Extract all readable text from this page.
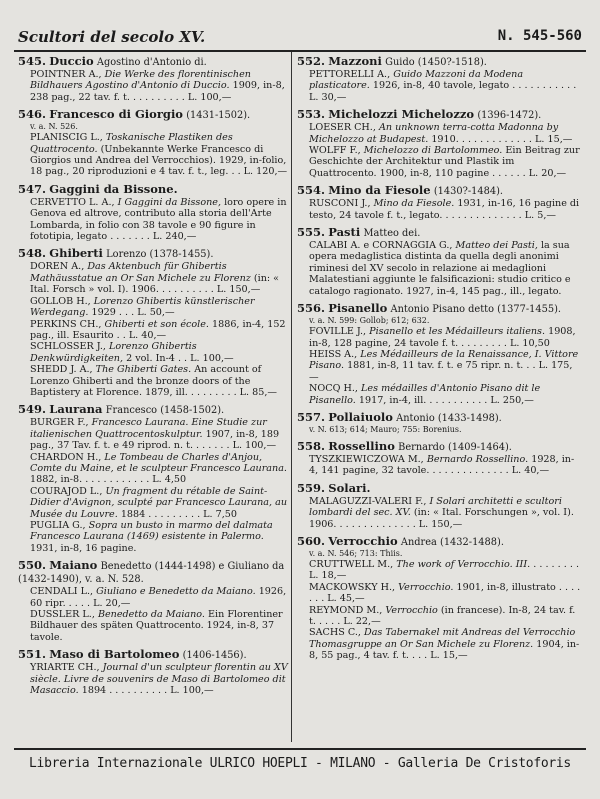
Scultori del secolo XV.	N. 545-560
545. Duccio Agostino d'Antonio di.

POINTNER A., Die Werke des florentinischen Bildhauers Agostino d'Antonio di Duccio. 1909, in-8, 238 pag., 22 tav. f. t. . . . . . . . . . L. 100,—

546. Francesco di Giorgio (1431-1502).
v. a. N. 526.

PLANISCIG L., Toskanische Plastiken des Quattrocento. (Unbekannte Werke Francesco di Giorgios und Andrea del Verrocchios). 1929, in-folio, 18 pag., 20 riproduzioni e 4 tav. f. t., leg. . . L. 120,—

547. Gaggini da Bissone.

CERVETTO L. A., I Gaggini da Bissone, loro opere in Genova ed altrove, contributo alla storia dell'Arte Lombarda, in folio con 38 tavole e 90 figure in fototipia, legato . . . . . . . L. 240,—

548. Ghiberti Lorenzo (1378-1455).

DOREN A., Das Aktenbuch für Ghibertis Mathäusstatue an Or San Michele zu Florenz (in: « Ital. Forsch » vol. I). 1906. . . . . . . . . . L. 150,—

GOLLOB H., Lorenzo Ghibertis künstlerischer Werdegang. 1929 . . . L. 50,—

PERKINS CH., Ghiberti et son école. 1886, in-4, 152 pag., ill. Esaurito . . L. 40,—

SCHLOSSER J., Lorenzo Ghibertis Denkwürdigkeiten, 2 vol. In-4 . . L. 100,—

SHEDD J. A., The Ghiberti Gates. An account of Lorenzo Ghiberti and the bronze doors of the Baptistery at Florence. 1879, ill. . . . . . . . . L. 85,—

549. Laurana Francesco (1458-1502).

BURGER F., Francesco Laurana. Eine Studie zur italienischen Quattrocentoskulptur. 1907, in-8, 189 pag., 37 Tav. f. t. e 49 riprod. n. t. . . . . . . L. 100,—

CHARDON H., Le Tombeau de Charles d'Anjou, Comte du Maine, et le sculpteur Francesco Laurana. 1882, in-8. . . . . . . . . . . . L. 4,50

COURAJOD L., Un fragment du rétable de Saint-Didier d'Avignon, sculpté par Francesco Laurana, au Musée du Louvre. 1884 . . . . . . . . . L. 7,50

PUGLIA G., Sopra un busto in marmo del dalmata Francesco Laurana (1469) esistente in Palermo. 1931, in-8, 16 pagine.

550. Maiano Benedetto (1444-1498) e Giuliano da (1432-1490), v. a. N. 528.

CENDALI L., Giuliano e Benedetto da Maiano. 1926, 60 ripr. . . . . L. 20,—

DUSSLER L., Benedetto da Maiano. Ein Florentiner Bildhauer des späten Quattrocento. 1924, in-8, 37 tavole.

551. Maso di Bartolomeo (1406-1456).

YRIARTE CH., Journal d'un sculpteur florentin au XV siècle. Livre de souvenirs de Maso di Bartolomeo dit Masaccio. 1894 . . . . . . . . . . L. 100,—

552. Mazzoni Guido (1450?-1518).

PETTORELLI A., Guido Mazzoni da Modena plasticatore. 1926, in-8, 40 tavole, legato . . . . . . . . . . . L. 30,—

553. Michelozzi Michelozzo (1396-1472).

LOESER CH., An unknown terra-cotta Madonna by Michelozzo at Budapest. 1910. . . . . . . . . . . . . L. 15,—

WOLFF F., Michelozzo di Bartolommeo. Ein Beitrag zur Geschichte der Architektur und Plastik im Quattrocento. 1900, in-8, 110 pagine . . . . . . L. 20,—

554. Mino da Fiesole (1430?-1484).

RUSCONI J., Mino da Fiesole. 1931, in-16, 16 pagine di testo, 24 tavole f. t., legato. . . . . . . . . . . . . . L. 5,—

555. Pasti Matteo dei.

CALABI A. e CORNAGGIA G., Matteo dei Pasti, la sua opera medaglistica distinta da quella degli anonimi riminesi del XV secolo in relazione ai medaglioni Malatestiani aggiunte le falsificazioni: studio critico e catalogo ragionato. 1927, in-4, 145 pag., ill., legato.

556. Pisanello Antonio Pisano detto (1377-1455).
v. a. N. 599: Gollob; 612; 632.

FOVILLE J., Pisanello et les Médailleurs italiens. 1908, in-8, 128 pagine, 24 tavole f. t. . . . . . . . . L. 10,50

HEISS A., Les Médailleurs de la Renaissance, I. Vittore Pisano. 1881, in-8, 11 tav. f. t. e 75 ripr. n. t. . . L. 175,—

NOCQ H., Les médailles d'Antonio Pisano dit le Pisanello. 1917, in-4, ill. . . . . . . . . . . L. 250,—

557. Pollaiuolo Antonio (1433-1498).
v. N. 613; 614; Mauro; 755: Borenius.
558. Rossellino Bernardo (1409-1464).

TYSZKIEWICZOWA M., Bernardo Rossellino. 1928, in-4, 141 pagine, 32 tavole. . . . . . . . . . . . . . L. 40,—

559. Solari.

MALAGUZZI-VALERI F., I Solari architetti e scultori lombardi del sec. XV. (in: « Ital. Forschungen », vol. I). 1906. . . . . . . . . . . . . . L. 150,—

560. Verrocchio Andrea (1432-1488).
v. a. N. 546; 713: Thiis.

CRUTTWELL M., The work of Verrocchio. III. . . . . . . . . L. 18,—

MACKOWSKY H., Verrocchio. 1901, in-8, illustrato . . . . . . . L. 45,—

REYMOND M., Verrocchio (in francese). In-8, 24 tav. f. t. . . . . L. 22,—

SACHS C., Das Tabernakel mit Andreas del Verrocchio Thomasgruppe an Or San Michele zu Florenz. 1904, in-8, 55 pag., 4 tav. f. t. . . . L. 15,—

Libreria Internazionale ULRICO HOEPLI - MILANO - Galleria De Cristoforis
